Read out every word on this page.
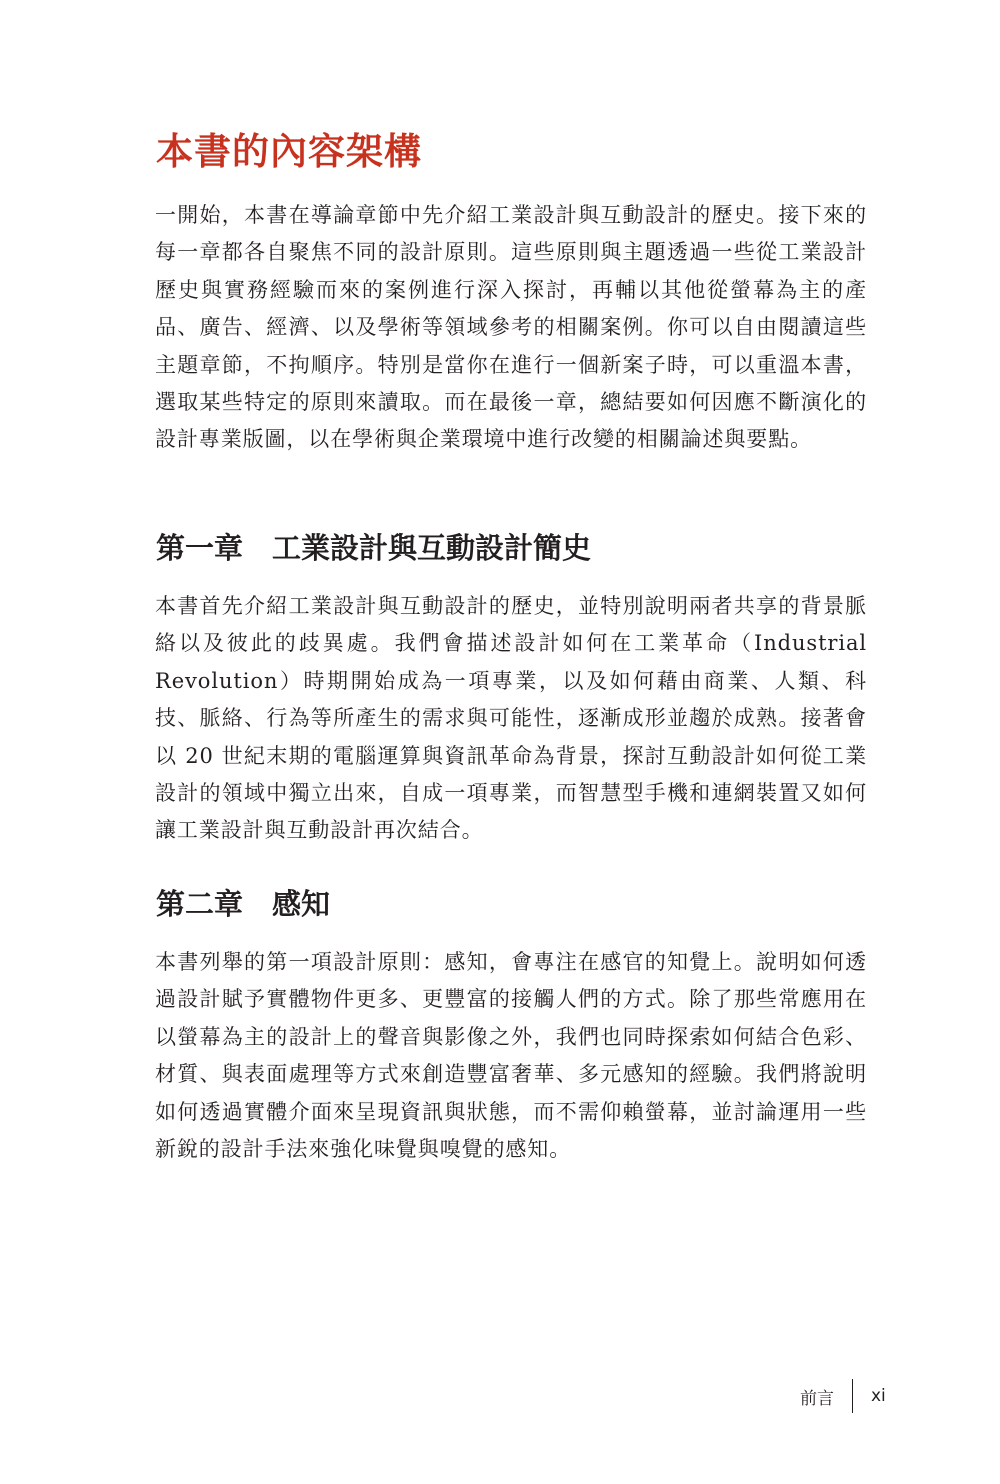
本書的內容架構

一開始，本書在導論章節中先介紹工業設計與互動設計的歷史。接下來的每一章都各自聚焦不同的設計原則。這些原則與主題透過一些從工業設計歷史與實務經驗而來的案例進行深入探討，再輔以其他從螢幕為主的產品、廣告、經濟、以及學術等領域參考的相關案例。你可以自由閱讀這些主題章節，不拘順序。特別是當你在進行一個新案子時，可以重溫本書，選取某些特定的原則來讀取。而在最後一章，總結要如何因應不斷演化的設計專業版圖，以在學術與企業環境中進行改變的相關論述與要點。

第一章　工業設計與互動設計簡史

本書首先介紹工業設計與互動設計的歷史，並特別說明兩者共享的背景脈絡以及彼此的歧異處。我們會描述設計如何在工業革命（Industrial Revolution）時期開始成為一項專業，以及如何藉由商業、人類、科技、脈絡、行為等所產生的需求與可能性，逐漸成形並趨於成熟。接著會以 20 世紀末期的電腦運算與資訊革命為背景，探討互動設計如何從工業設計的領域中獨立出來，自成一項專業，而智慧型手機和連網裝置又如何讓工業設計與互動設計再次結合。

第二章　感知

本書列舉的第一項設計原則：感知，會專注在感官的知覺上。說明如何透過設計賦予實體物件更多、更豐富的接觸人們的方式。除了那些常應用在以螢幕為主的設計上的聲音與影像之外，我們也同時探索如何結合色彩、材質、與表面處理等方式來創造豐富奢華、多元感知的經驗。我們將說明如何透過實體介面來呈現資訊與狀態，而不需仰賴螢幕，並討論運用一些新銳的設計手法來強化味覺與嗅覺的感知。

前言	xi
